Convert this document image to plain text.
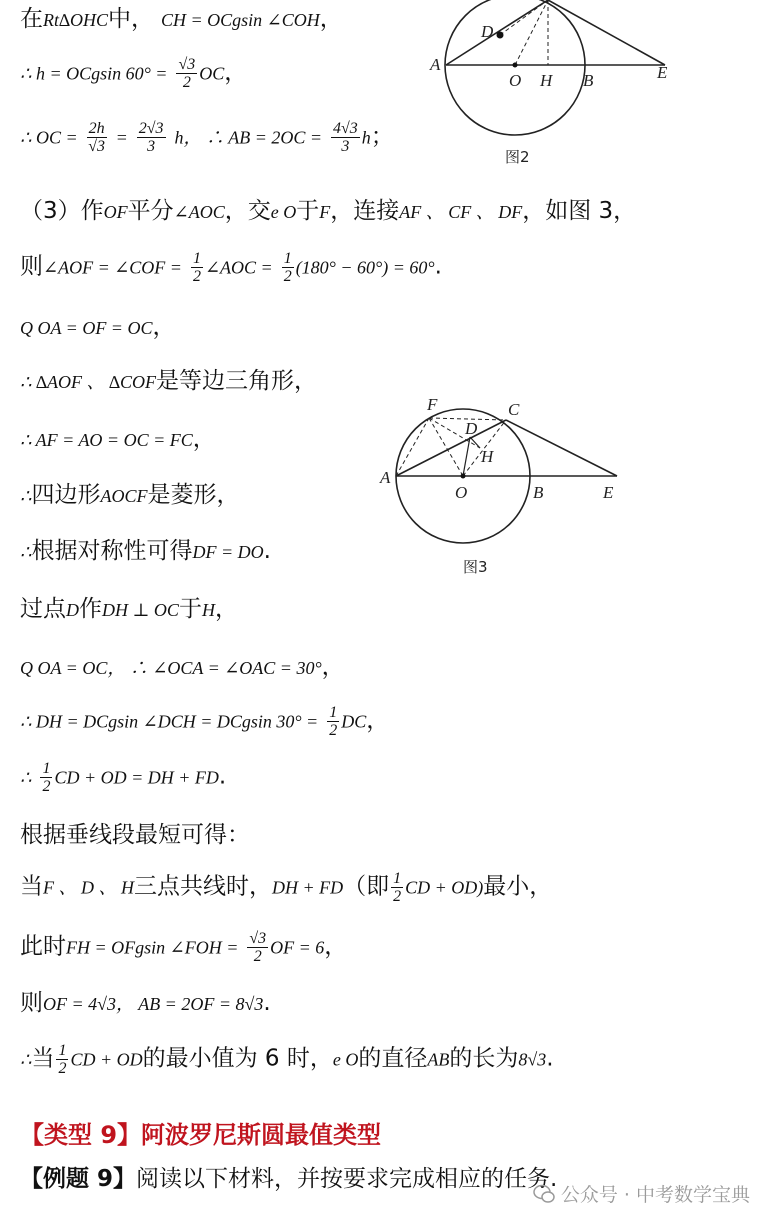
A
D
O H B	E
图2
F	C
D
H
A
O	B	E
图3
在Rt∆OHC中， CH = OCgsin ∠COH，
∴ h = OCgsin $60^\circ = \frac{√3}{2}$ OC，
∴ OC = $\frac{2h}{√3} = \frac{2√3}{3}$ h， ∴ AB = $2OC = \frac{4√3}{3}$ h；
（3）作OF平分∠AOC，交e O于F，连接AF 、 CF 、 DF，如图 3，
则∠AOF = ∠COF = $\frac{1}{2}$ ∠AOC = $\frac{1}{2} (180^\circ - 60^\circ) = 60^\circ$.
Q OA = OF = OC，
∴ ∆AOF 、 ∆COF是等边三角形，
∴ AF = AO = OC = FC，
∴四边形AOCF是菱形，
∴根据对称性可得DF = DO.
过点D作DH ⊥ OC于H，
Q OA = OC， ∴ ∠OCA = ∠OAC = 30°，
∴ DH = DCgsin ∠DCH = DCgsin $30^\circ = \frac{1}{2}$ DC，
∴ $\frac{1}{2}$ CD + OD = DH + FD.
根据垂线段最短可得：
当F 、 D 、 H三点共线时，DH + FD（即 $\frac{1}{2}$ CD + OD)最小，
此时FH = OFgsin ∠FOH = $\frac{√3}{2}$ OF = 6，
则OF = 4√3， AB = 2OF = 8√3.
∴当 $\frac{1}{2}$ CD + OD的最小值为 6 时，e O的直径AB的长为8√3.
【类型 9】阿波罗尼斯圆最值类型
【例题 9】阅读以下材料，并按要求完成相应的任务.
公众号 · 中考数学宝典
